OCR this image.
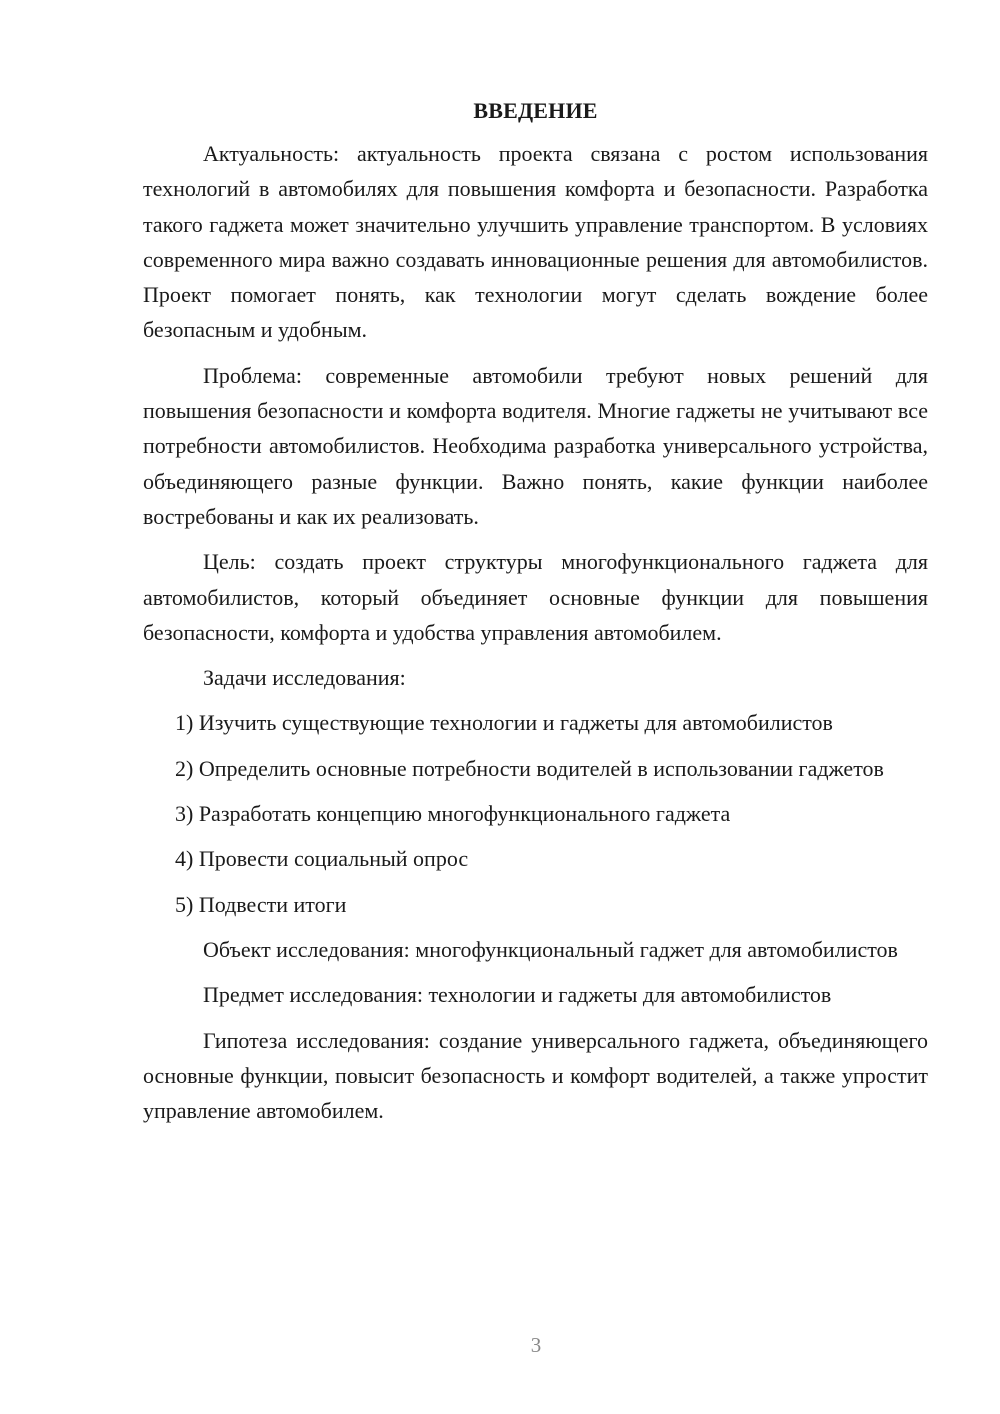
ВВЕДЕНИЕ

Актуальность: актуальность проекта связана с ростом использования технологий в автомобилях для повышения комфорта и безопасности. Разработка такого гаджета может значительно улучшить управление транспортом. В условиях современного мира важно создавать инновационные решения для автомобилистов. Проект помогает понять, как технологии могут сделать вождение более безопасным и удобным.

Проблема: современные автомобили требуют новых решений для повышения безопасности и комфорта водителя. Многие гаджеты не учитывают все потребности автомобилистов. Необходима разработка универсального устройства, объединяющего разные функции. Важно понять, какие функции наиболее востребованы и как их реализовать.

Цель: создать проект структуры многофункционального гаджета для автомобилистов, который объединяет основные функции для повышения безопасности, комфорта и удобства управления автомобилем.

Задачи исследования:

1) Изучить существующие технологии и гаджеты для автомобилистов

2) Определить основные потребности водителей в использовании гаджетов

3) Разработать концепцию многофункционального гаджета

4) Провести социальный опрос

5) Подвести итоги

Объект исследования: многофункциональный гаджет для автомобилистов

Предмет исследования: технологии и гаджеты для автомобилистов

Гипотеза исследования: создание универсального гаджета, объединяющего основные функции, повысит безопасность и комфорт водителей, а также упростит управление автомобилем.

3
